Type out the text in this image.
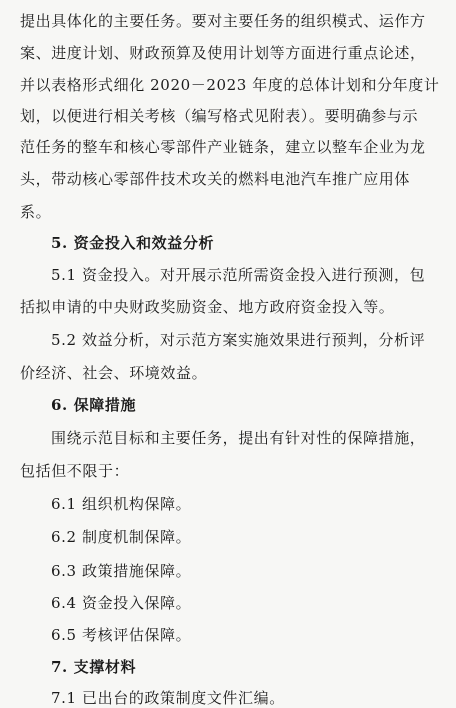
提出具体化的主要任务。要对主要任务的组织模式、运作方
案、进度计划、财政预算及使用计划等方面进行重点论述，
并以表格形式细化 2020－2023 年度的总体计划和分年度计
划，以便进行相关考核（编写格式见附表）。要明确参与示
范任务的整车和核心零部件产业链条，建立以整车企业为龙
头，带动核心零部件技术攻关的燃料电池汽车推广应用体
系。
5. 资金投入和效益分析
5.1 资金投入。对开展示范所需资金投入进行预测，包
括拟申请的中央财政奖励资金、地方政府资金投入等。
5.2 效益分析，对示范方案实施效果进行预判，分析评
价经济、社会、环境效益。
6. 保障措施
围绕示范目标和主要任务，提出有针对性的保障措施，
包括但不限于：
6.1 组织机构保障。
6.2 制度机制保障。
6.3 政策措施保障。
6.4 资金投入保障。
6.5 考核评估保障。
7. 支撑材料
7.1 已出台的政策制度文件汇编。
